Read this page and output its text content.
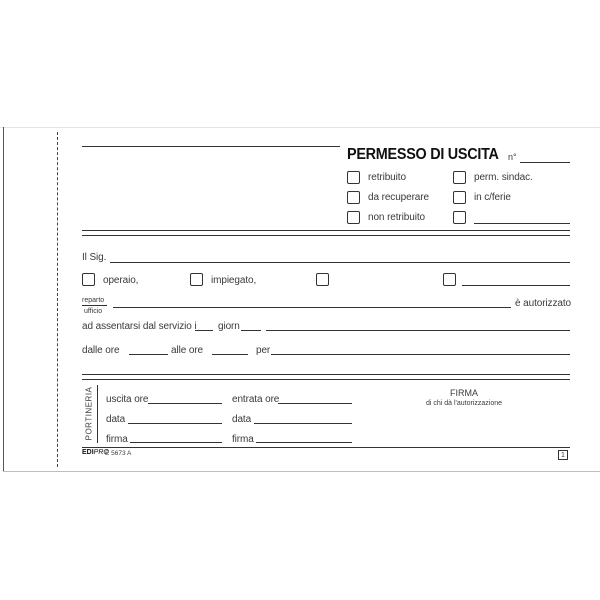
PERMESSO DI USCITA n°
retribuito	perm. sindac.
da recuperare	in c/ferie
non retribuito
Il Sig.
operaio,	impiegato,
reparto
ufficio
è autorizzato
ad assentarsi dal servizio i giorn
dalle ore	alle ore	per
PORTINERIA uscita ore	entrata ore
data	data
firma	firma
FIRMA
di chi dà l'autorizzazione
EDIPRO
E 5673 A	1
